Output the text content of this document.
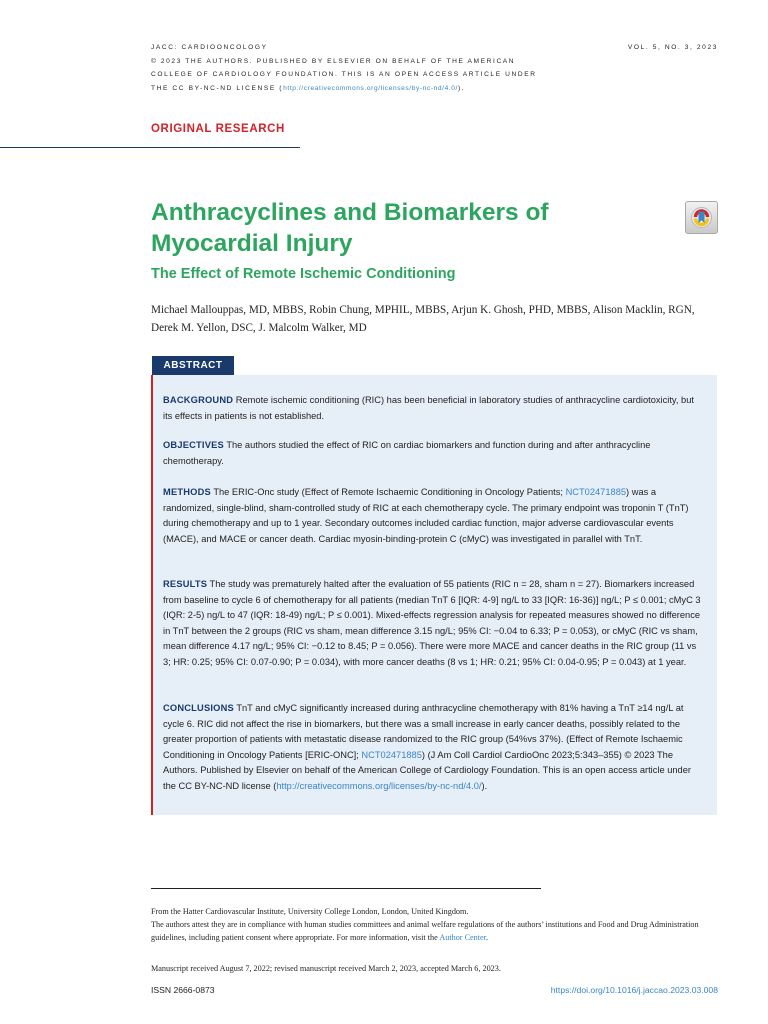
JACC: CARDIOONCOLOGY
© 2023 THE AUTHORS. PUBLISHED BY ELSEVIER ON BEHALF OF THE AMERICAN
COLLEGE OF CARDIOLOGY FOUNDATION. THIS IS AN OPEN ACCESS ARTICLE UNDER
THE CC BY-NC-ND LICENSE (http://creativecommons.org/licenses/by-nc-nd/4.0/).
VOL. 5, NO. 3, 2023
ORIGINAL RESEARCH
Anthracyclines and Biomarkers of Myocardial Injury
The Effect of Remote Ischemic Conditioning
Michael Mallouppas, MD, MBBS, Robin Chung, MPHIL, MBBS, Arjun K. Ghosh, PHD, MBBS, Alison Macklin, RGN, Derek M. Yellon, DSC, J. Malcolm Walker, MD
ABSTRACT
BACKGROUND Remote ischemic conditioning (RIC) has been beneficial in laboratory studies of anthracycline cardiotoxicity, but its effects in patients is not established.
OBJECTIVES The authors studied the effect of RIC on cardiac biomarkers and function during and after anthracycline chemotherapy.
METHODS The ERIC-Onc study (Effect of Remote Ischaemic Conditioning in Oncology Patients; NCT02471885) was a randomized, single-blind, sham-controlled study of RIC at each chemotherapy cycle. The primary endpoint was troponin T (TnT) during chemotherapy and up to 1 year. Secondary outcomes included cardiac function, major adverse cardiovascular events (MACE), and MACE or cancer death. Cardiac myosin-binding-protein C (cMyC) was investigated in parallel with TnT.
RESULTS The study was prematurely halted after the evaluation of 55 patients (RIC n = 28, sham n = 27). Biomarkers increased from baseline to cycle 6 of chemotherapy for all patients (median TnT 6 [IQR: 4-9] ng/L to 33 [IQR: 16-36)] ng/L; P ≤ 0.001; cMyC 3 (IQR: 2-5) ng/L to 47 (IQR: 18-49) ng/L; P ≤ 0.001). Mixed-effects regression analysis for repeated measures showed no difference in TnT between the 2 groups (RIC vs sham, mean difference 3.15 ng/L; 95% CI: −0.04 to 6.33; P = 0.053), or cMyC (RIC vs sham, mean difference 4.17 ng/L; 95% CI: −0.12 to 8.45; P = 0.056). There were more MACE and cancer deaths in the RIC group (11 vs 3; HR: 0.25; 95% CI: 0.07-0.90; P = 0.034), with more cancer deaths (8 vs 1; HR: 0.21; 95% CI: 0.04-0.95; P = 0.043) at 1 year.
CONCLUSIONS TnT and cMyC significantly increased during anthracycline chemotherapy with 81% having a TnT ≥14 ng/L at cycle 6. RIC did not affect the rise in biomarkers, but there was a small increase in early cancer deaths, possibly related to the greater proportion of patients with metastatic disease randomized to the RIC group (54%vs 37%). (Effect of Remote Ischaemic Conditioning in Oncology Patients [ERIC-ONC]; NCT02471885) (J Am Coll Cardiol CardioOnc 2023;5:343–355) © 2023 The Authors. Published by Elsevier on behalf of the American College of Cardiology Foundation. This is an open access article under the CC BY-NC-ND license (http://creativecommons.org/licenses/by-nc-nd/4.0/).
From the Hatter Cardiovascular Institute, University College London, London, United Kingdom.
The authors attest they are in compliance with human studies committees and animal welfare regulations of the authors’ institutions and Food and Drug Administration guidelines, including patient consent where appropriate. For more information, visit the Author Center.
Manuscript received August 7, 2022; revised manuscript received March 2, 2023, accepted March 6, 2023.
ISSN 2666-0873	https://doi.org/10.1016/j.jaccao.2023.03.008
